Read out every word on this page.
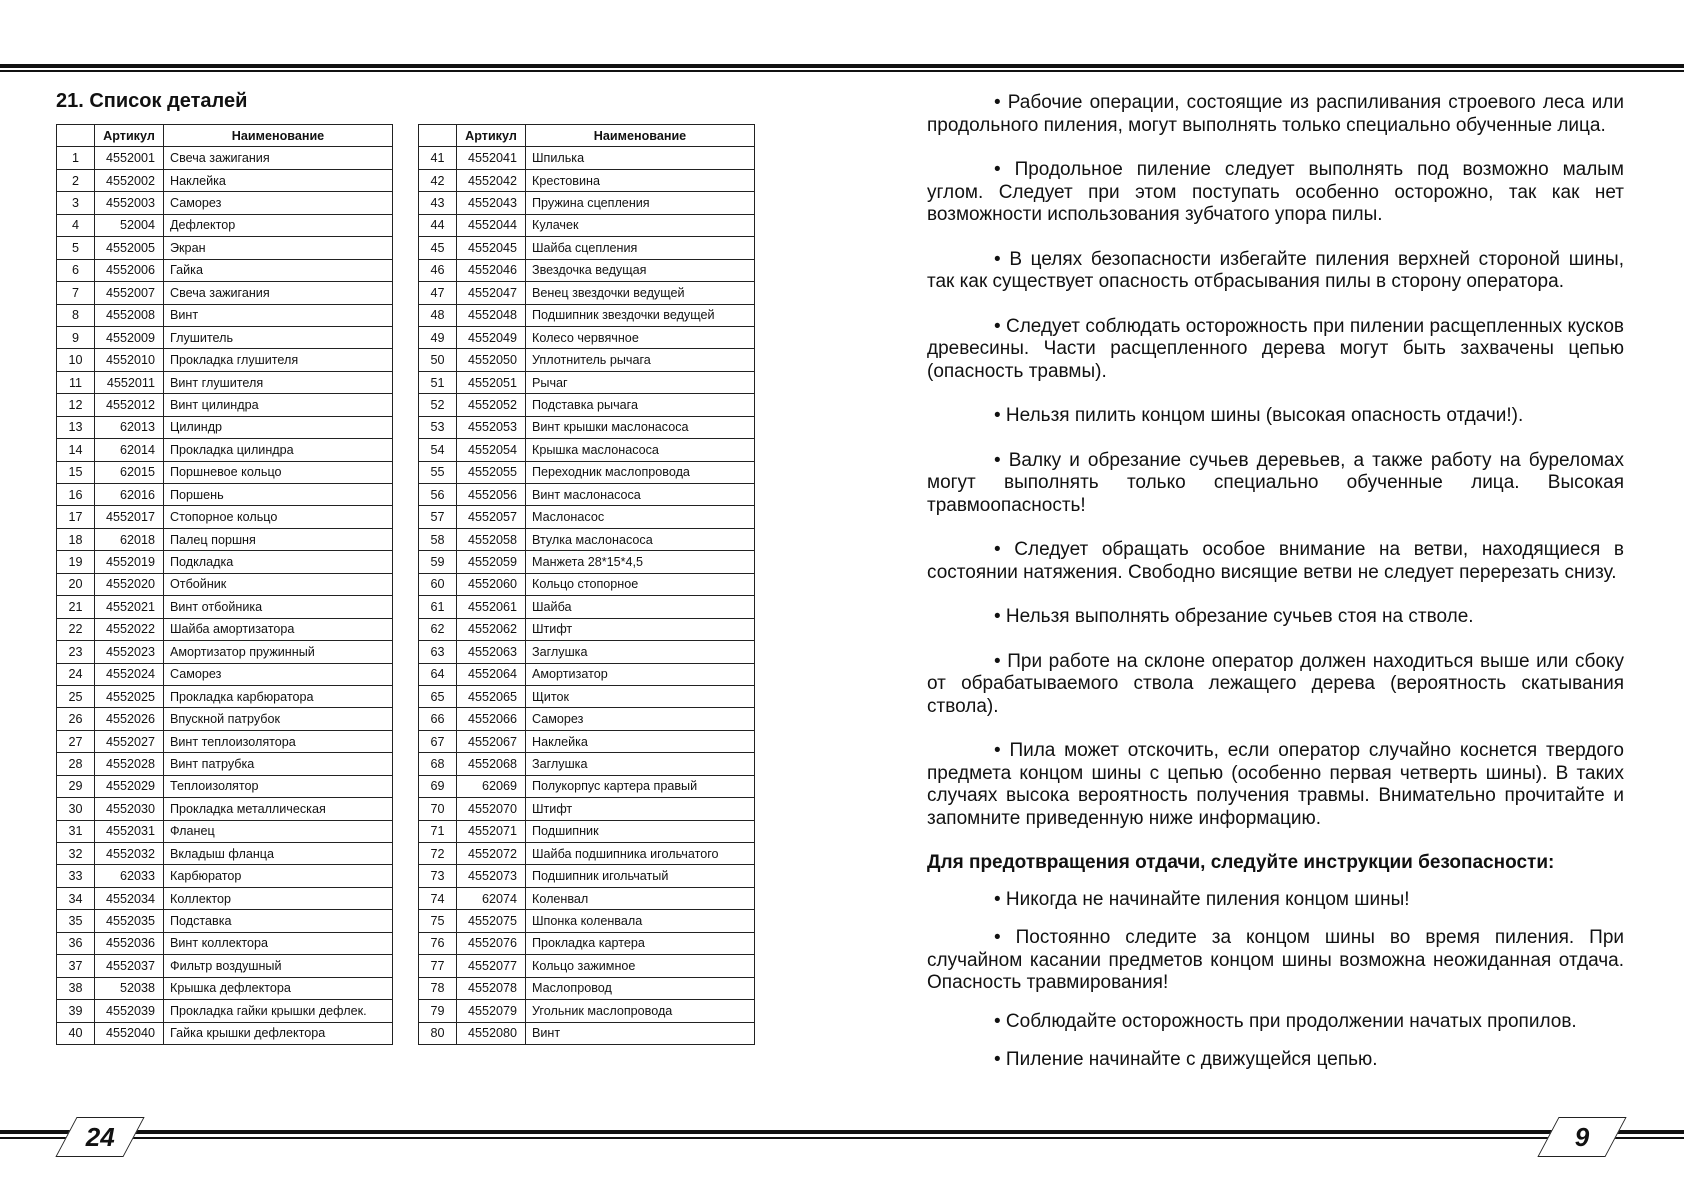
21. Список деталей
	Артикул	Наименование
1	4552001	Свеча зажигания
2	4552002	Наклейка
3	4552003	Саморез
4	52004	Дефлектор
5	4552005	Экран
6	4552006	Гайка
7	4552007	Свеча зажигания
8	4552008	Винт
9	4552009	Глушитель
10	4552010	Прокладка глушителя
11	4552011	Винт глушителя
12	4552012	Винт цилиндра
13	62013	Цилиндр
14	62014	Прокладка цилиндра
15	62015	Поршневое кольцо
16	62016	Поршень
17	4552017	Стопорное кольцо
18	62018	Палец поршня
19	4552019	Подкладка
20	4552020	Отбойник
21	4552021	Винт отбойника
22	4552022	Шайба амортизатора
23	4552023	Амортизатор пружинный
24	4552024	Саморез
25	4552025	Прокладка карбюратора
26	4552026	Впускной патрубок
27	4552027	Винт теплоизолятора
28	4552028	Винт патрубка
29	4552029	Теплоизолятор
30	4552030	Прокладка металлическая
31	4552031	Фланец
32	4552032	Вкладыш фланца
33	62033	Карбюратор
34	4552034	Коллектор
35	4552035	Подставка
36	4552036	Винт коллектора
37	4552037	Фильтр воздушный
38	52038	Крышка дефлектора
39	4552039	Прокладка гайки крышки дефлек.
40	4552040	Гайка крышки дефлектора
	Артикул	Наименование
41	4552041	Шпилька
42	4552042	Крестовина
43	4552043	Пружина сцепления
44	4552044	Кулачек
45	4552045	Шайба сцепления
46	4552046	Звездочка ведущая
47	4552047	Венец звездочки ведущей
48	4552048	Подшипник звездочки ведущей
49	4552049	Колесо червячное
50	4552050	Уплотнитель рычага
51	4552051	Рычаг
52	4552052	Подставка рычага
53	4552053	Винт крышки маслонасоса
54	4552054	Крышка маслонасоса
55	4552055	Переходник маслопровода
56	4552056	Винт маслонасоса
57	4552057	Маслонасос
58	4552058	Втулка маслонасоса
59	4552059	Манжета 28*15*4,5
60	4552060	Кольцо стопорное
61	4552061	Шайба
62	4552062	Штифт
63	4552063	Заглушка
64	4552064	Амортизатор
65	4552065	Щиток
66	4552066	Саморез
67	4552067	Наклейка
68	4552068	Заглушка
69	62069	Полукорпус картера правый
70	4552070	Штифт
71	4552071	Подшипник
72	4552072	Шайба подшипника игольчатого
73	4552073	Подшипник игольчатый
74	62074	Коленвал
75	4552075	Шпонка коленвала
76	4552076	Прокладка картера
77	4552077	Кольцо зажимное
78	4552078	Маслопровод
79	4552079	Угольник маслопровода
80	4552080	Винт

• Рабочие операции, состоящие из распиливания строевого леса или продольного пиления, могут выполнять только специально обученные лица.

• Продольное пиление следует выполнять под возможно малым углом. Следует при этом поступать особенно осторожно, так как нет возможности использования зубчатого упора пилы.

• В целях безопасности избегайте пиления верхней стороной шины, так как существует опасность отбрасывания пилы в сторону оператора.

• Следует соблюдать осторожность при пилении расщепленных кусков древесины. Части расщепленного дерева могут быть захвачены цепью (опасность травмы).

• Нельзя пилить концом шины (высокая опасность отдачи!).

• Валку и обрезание сучьев деревьев, а также работу на буреломах могут выполнять только специально обученные лица. Высокая травмоопасность!

• Следует обращать особое внимание на ветви, находящиеся в состоянии натяжения. Свободно висящие ветви не следует перерезать снизу.

• Нельзя выполнять обрезание сучьев стоя на стволе.

• При работе на склоне оператор должен находиться выше или сбоку от обрабатываемого ствола лежащего дерева (вероятность скатывания ствола).

• Пила может отскочить, если оператор случайно коснется твердого предмета концом шины с цепью (особенно первая четверть шины). В таких случаях высока вероятность получения травмы. Внимательно прочитайте и запомните приведенную ниже информацию.

Для предотвращения отдачи, следуйте инструкции безопасности:

• Никогда не начинайте пиления концом шины!

• Постоянно следите за концом шины во время пиления. При случайном касании предметов концом шины возможна неожиданная отдача. Опасность травмирования!

• Соблюдайте осторожность при продолжении начатых пропилов.

• Пиление начинайте с движущейся цепью.

24	9
